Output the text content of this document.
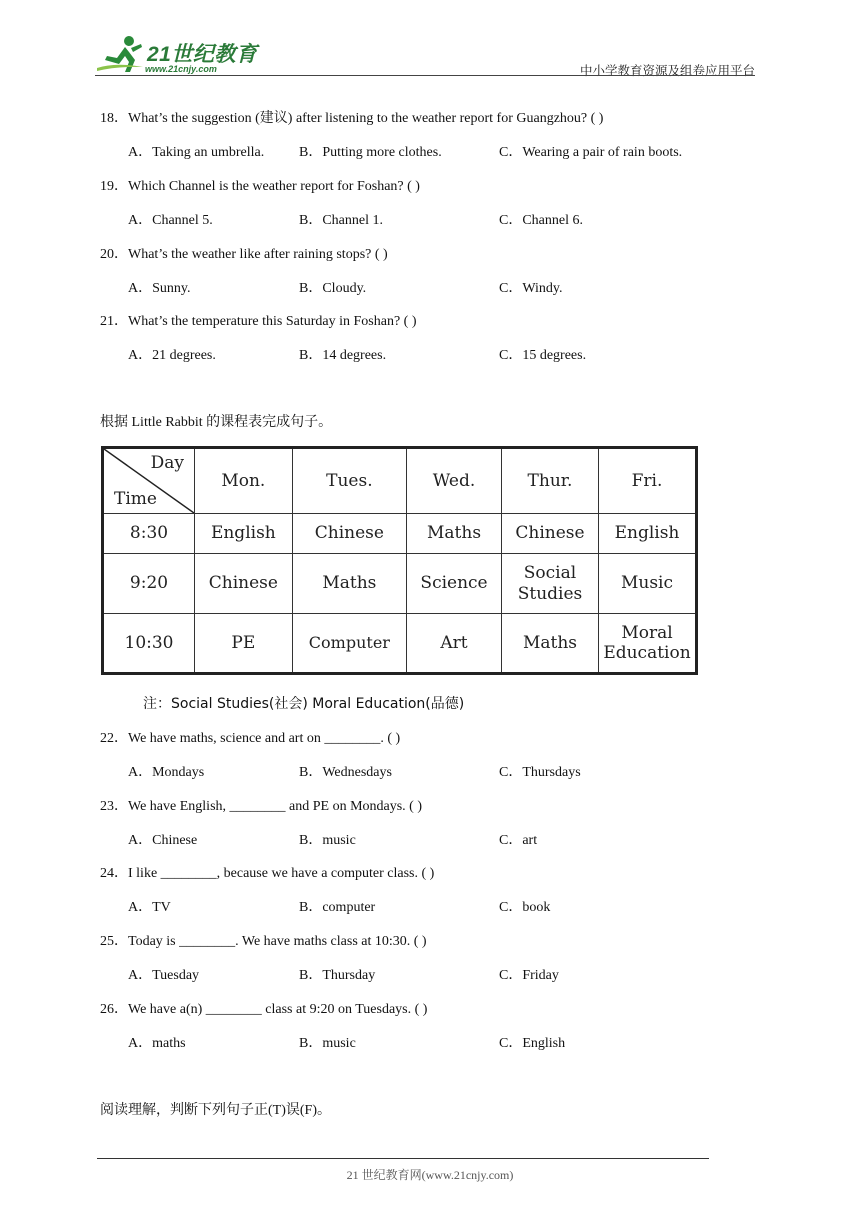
21世纪教育
www.21cnjy.com	中小学教育资源及组卷应用平台
18．What’s the suggestion (建议) after listening to the weather report for Guangzhou? ( )
A．Taking an umbrella. B．Putting more clothes.	C．Wearing a pair of rain boots.
19．Which Channel is the weather report for Foshan? ( )
A．Channel 5.	B．Channel 1.	C．Channel 6.
20．What’s the weather like after raining stops? ( )
A．Sunny.	B．Cloudy.	C．Windy.
21．What’s the temperature this Saturday in Foshan? ( )
A．21 degrees.	B．14 degrees.	C．15 degrees.
根据 Little Rabbit 的课程表完成句子。
Day
Time	Mon.	Tues.	Wed.	Thur.	Fri.
8:30	English	Chinese	Maths	Chinese	English
9:20	Chinese	Maths	Science	Social Studies	Music
10:30	PE	Computer	Art	Maths	Moral Education
注：Social Studies(社会) Moral Education(品德)
22．We have maths, science and art on ________. ( )
A．Mondays	B．Wednesdays	C．Thursdays
23．We have English, ________ and PE on Mondays. ( )
A．Chinese	B．music	C．art
24．I like ________, because we have a computer class. ( )
A．TV	B．computer	C．book
25．Today is ________. We have maths class at 10:30. ( )
A．Tuesday	B．Thursday	C．Friday
26．We have a(n) ________ class at 9:20 on Tuesdays. ( )
A．maths	B．music	C．English
阅读理解，判断下列句子正(T)误(F)。
21 世纪教育网(www.21cnjy.com)
